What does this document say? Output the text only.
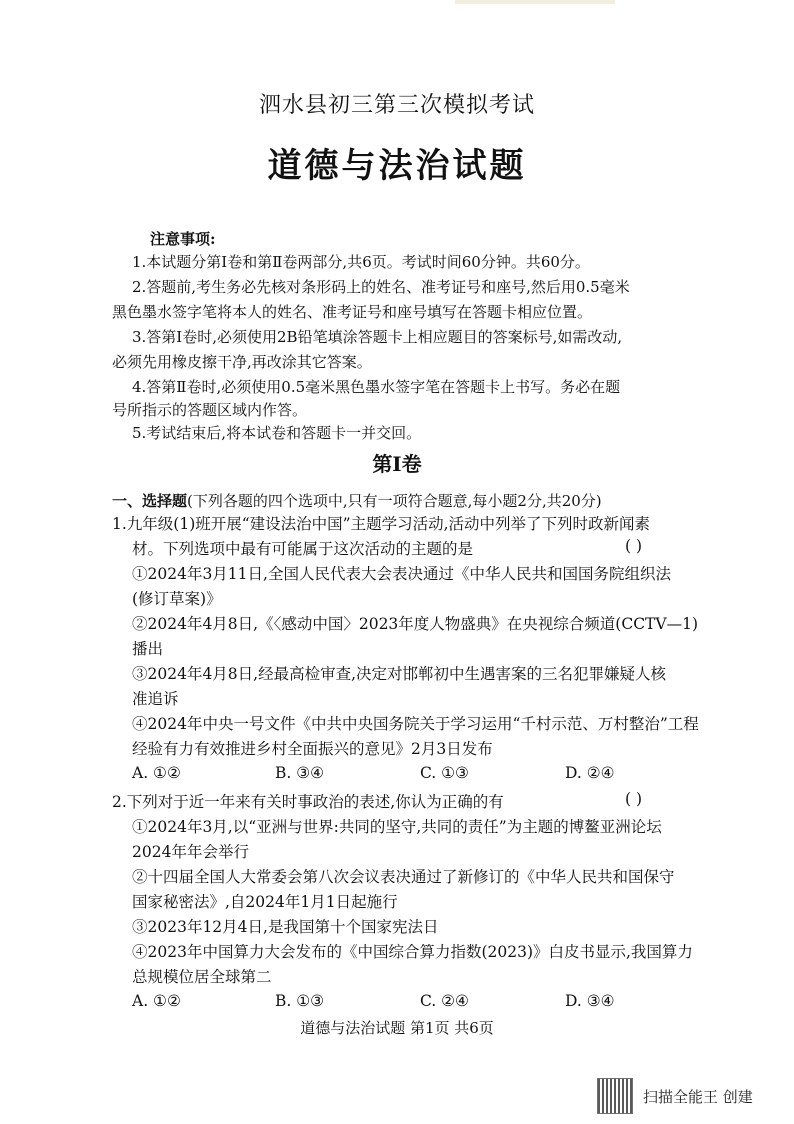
泗水县初三第三次模拟考试
道德与法治试题
注意事项:
1.本试题分第Ⅰ卷和第Ⅱ卷两部分,共6页。考试时间60分钟。共60分。
2.答题前,考生务必先核对条形码上的姓名、准考证号和座号,然后用0.5毫米
黑色墨水签字笔将本人的姓名、准考证号和座号填写在答题卡相应位置。
3.答第Ⅰ卷时,必须使用2B铅笔填涂答题卡上相应题目的答案标号,如需改动,
必须先用橡皮擦干净,再改涂其它答案。
4.答第Ⅱ卷时,必须使用0.5毫米黑色墨水签字笔在答题卡上书写。务必在题
号所指示的答题区域内作答。
5.考试结束后,将本试卷和答题卡一并交回。
第Ⅰ卷
一、选择题(下列各题的四个选项中,只有一项符合题意,每小题2分,共20分)
1.九年级(1)班开展“建设法治中国”主题学习活动,活动中列举了下列时政新闻素
材。下列选项中最有可能属于这次活动的主题的是	( )
①2024年3月11日,全国人民代表大会表决通过《中华人民共和国国务院组织法
(修订草案)》
②2024年4月8日,《〈感动中国〉2023年度人物盛典》在央视综合频道(CCTV—1)
播出
③2024年4月8日,经最高检审查,决定对邯郸初中生遇害案的三名犯罪嫌疑人核
准追诉
④2024年中央一号文件《中共中央国务院关于学习运用“千村示范、万村整治”工程
经验有力有效推进乡村全面振兴的意见》2月3日发布
A. ①②	B. ③④	C. ①③	D. ②④
2.下列对于近一年来有关时事政治的表述,你认为正确的有	( )
①2024年3月,以“亚洲与世界:共同的坚守,共同的责任”为主题的博鳌亚洲论坛
2024年年会举行
②十四届全国人大常委会第八次会议表决通过了新修订的《中华人民共和国保守
国家秘密法》,自2024年1月1日起施行
③2023年12月4日,是我国第十个国家宪法日
④2023年中国算力大会发布的《中国综合算力指数(2023)》白皮书显示,我国算力
总规模位居全球第二
A. ①②	B. ①③	C. ②④	D. ③④
道德与法治试题 第1页 共6页
扫描全能王 创建
